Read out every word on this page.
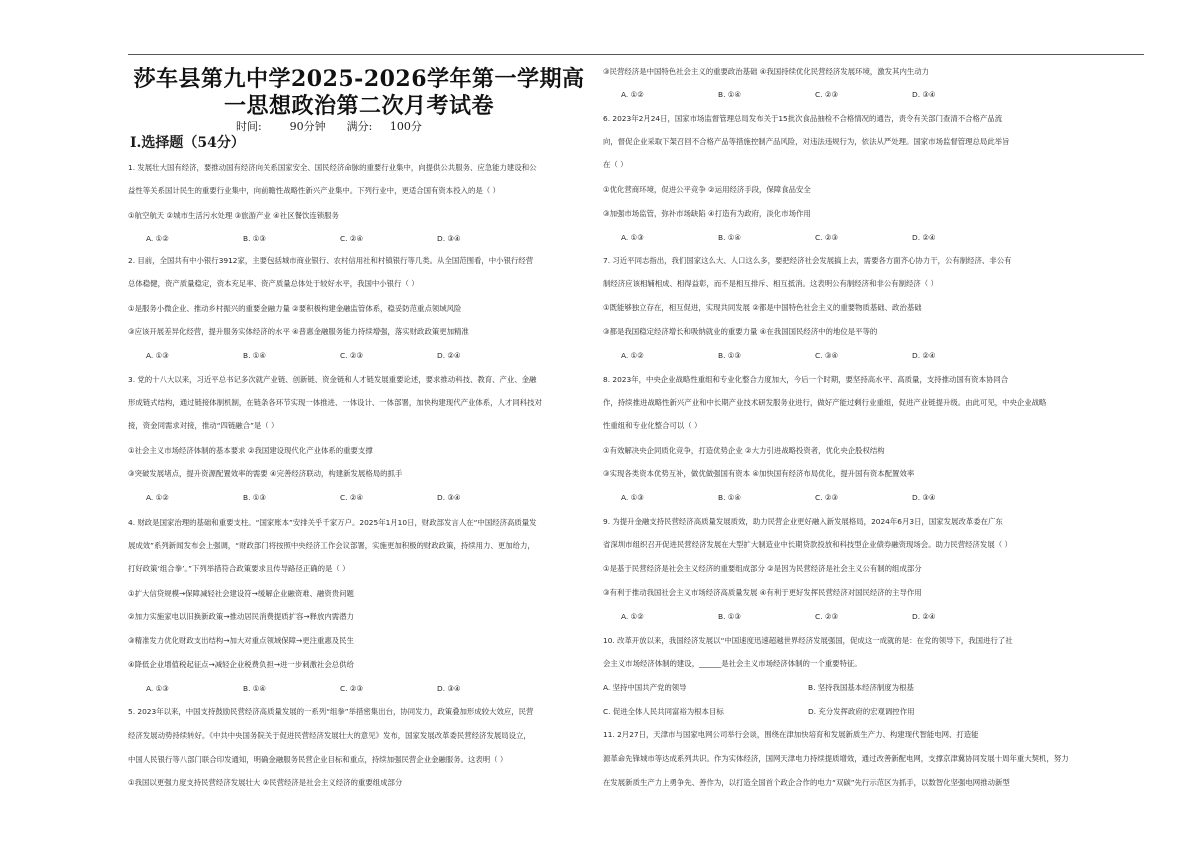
莎车县第九中学2025-2026学年第一学期高
一思想政治第二次月考试卷
时间:        90分钟      满分:     100分
Ⅰ.选择题（54分）
1. 发展壮大国有经济，要推动国有经济向关系国家安全、国民经济命脉的重要行业集中，向提供公共服务、应急能力建设和公
益性等关系国计民生的重要行业集中，向前瞻性战略性新兴产业集中。下列行业中，更适合国有资本投入的是（ ）
①航空航天 ②城市生活污水处理 ③旅游产业 ④社区餐饮连锁服务
A. ①②	B. ①③	C. ②④	D. ③④
2. 目前，全国共有中小银行3912家，主要包括城市商业银行、农村信用社和村镇银行等几类。从全国范围看，中小银行经营
总体稳健，资产质量稳定，资本充足率、资产质量总体处于较好水平，我国中小银行（ ）
①是服务小微企业、推动乡村振兴的重要金融力量 ②要积极构建金融监管体系，稳妥防范重点领域风险
③应该开展差异化经营，提升服务实体经济的水平 ④普惠金融服务能力持续增强，落实财政政策更加精准
A. ①③	B. ①④	C. ②③	D. ②④
3. 党的十八大以来，习近平总书记多次就产业链、创新链、资金链和人才链发展重要论述，要求推动科技、教育、产业、金融
形成链式结构，通过链接体制机制，在链条各环节实现一体推进、一体设计、一体部署，加快构建现代产业体系，人才同科技对
接，资金同需求对接，推动“四链融合”是（ ）
①社会主义市场经济体制的基本要求 ②我国建设现代化产业体系的重要支撑
③突破发展堵点，提升资源配置效率的需要 ④完善经济联动，构建新发展格局的抓手
A. ①②	B. ①③	C. ②④	D. ③④
4. 财政是国家治理的基础和重要支柱。“国家账本”安排关乎千家万户。2025年1月10日，财政部发言人在“中国经济高质量发
展成效”系列新闻发布会上强调，“财政部门将按照中央经济工作会议部署，实施更加积极的财政政策，持续用力、更加给力，
打好政策‘组合拳’。”下列举措符合政策要求且传导路径正确的是（ ）
①扩大信贷规模→保障减轻社会建设符→缓解企业融资难、融资贵问题
②加力实施家电以旧换新政策→推动居民消费提质扩容→释放内需潜力
③精准发力优化财政支出结构→加大对重点领域保障→更注重惠及民生
④降低企业增值税起征点→减轻企业税费负担→进一步刺激社会总供给
A. ①③	B. ①④	C. ②③	D. ③④
5. 2023年以来，中国支持鼓励民营经济高质量发展的一系列“组拳”举措密集出台，协同发力，政策叠加形成较大效应，民营
经济发展动势持续转好。《中共中央国务院关于促进民营经济发展壮大的意见》发布，国家发展改革委民营经济发展局设立，
中国人民银行等八部门联合印发通知，明确金融服务民营企业目标和重点，持续加强民营企业金融服务。这表明（ ）
①我国以更强力度支持民营经济发展壮大 ②民营经济是社会主义经济的重要组成部分
③民营经济是中国特色社会主义的重要政治基础 ④我国持续优化民营经济发展环境，激发其内生动力
A. ①②	B. ①④	C. ②③	D. ③④
6. 2023年2月24日，国家市场监督管理总局发布关于15批次食品抽检不合格情况的通告，责令有关部门查清不合格产品流
向，督促企业采取下架召回不合格产品等措施控制产品风险，对违法违规行为，依法从严处理。国家市场监督管理总局此举旨
在（ ）
①优化营商环境，促进公平竞争 ②运用经济手段，保障食品安全
③加强市场监管，弥补市场缺陷 ④打造有为政府，淡化市场作用
A. ①③	B. ①④	C. ②③	D. ②④
7. 习近平同志指出，我们国家这么大、人口这么多，要把经济社会发展搞上去，需要各方面齐心协力干，公有制经济、非公有
制经济应该相辅相成、相得益彰，而不是相互排斥、相互抵消。这表明公有制经济和非公有制经济（ ）
①既能够独立存在，相互促进，实现共同发展 ②都是中国特色社会主义的重要物质基础、政治基础
③都是我国稳定经济增长和吸纳就业的重要力量 ④在我国国民经济中的地位是平等的
A. ①②	B. ①③	C. ③④	D. ②④
8. 2023年，中央企业战略性重组和专业化整合力度加大，今后一个时期，要坚持高水平、高质量，支持推动国有资本协同合
作，持续推进战略性新兴产业和中长期产业技术研发服务业进行，做好产能过剩行业重组，促进产业链提升级。由此可见，中央企业战略
性重组和专业化整合可以（ ）
①有效解决央企同质化竞争，打造优势企业 ②大力引进战略投资者，优化央企股权结构
③实现各类资本优势互补，做优做强国有资本 ④加快国有经济布局优化，提升国有资本配置效率
A. ①③	B. ①④	C. ②③	D. ③④
9. 为提升金融支持民营经济高质量发展质效，助力民营企业更好融入新发展格局，2024年6月3日，国家发展改革委在广东
省深圳市组织召开促进民营经济发展在大型扩大制造业中长期贷款投放和科技型企业债券融资现场会。助力民营经济发展（ ）
①是基于民营经济是社会主义经济的重要组成部分 ②是因为民营经济是社会主义公有制的组成部分
③有利于推动我国社会主义市场经济高质量发展 ④有利于更好发挥民营经济对国民经济的主导作用
A. ①②	B. ①③	C. ②③	D. ②④
10. 改革开放以来，我国经济发展以“中国速度迅速超越世界经济发展强国，促成这一成就的是：在党的领导下，我国进行了社
会主义市场经济体制的建设，______是社会主义市场经济体制的一个重要特征。
A. 坚持中国共产党的领导	B. 坚持我国基本经济制度为根基
C. 促进全体人民共同富裕为根本目标	D. 充分发挥政府的宏观调控作用
11. 2月27日，天津市与国家电网公司举行会谈，围绕在津加快培育和发展新质生产力、构建现代智能电网、打造能
源革命先锋城市等达成系列共识。作为实体经济，国网天津电力持续提质增效，通过改善新配电网，支撑京津冀协同发展十周年重大契机，努力
在发展新质生产力上勇争先、善作为，以打造全国首个政企合作的电力“双碳”先行示范区为抓手，以数智化坚强电网推动新型
